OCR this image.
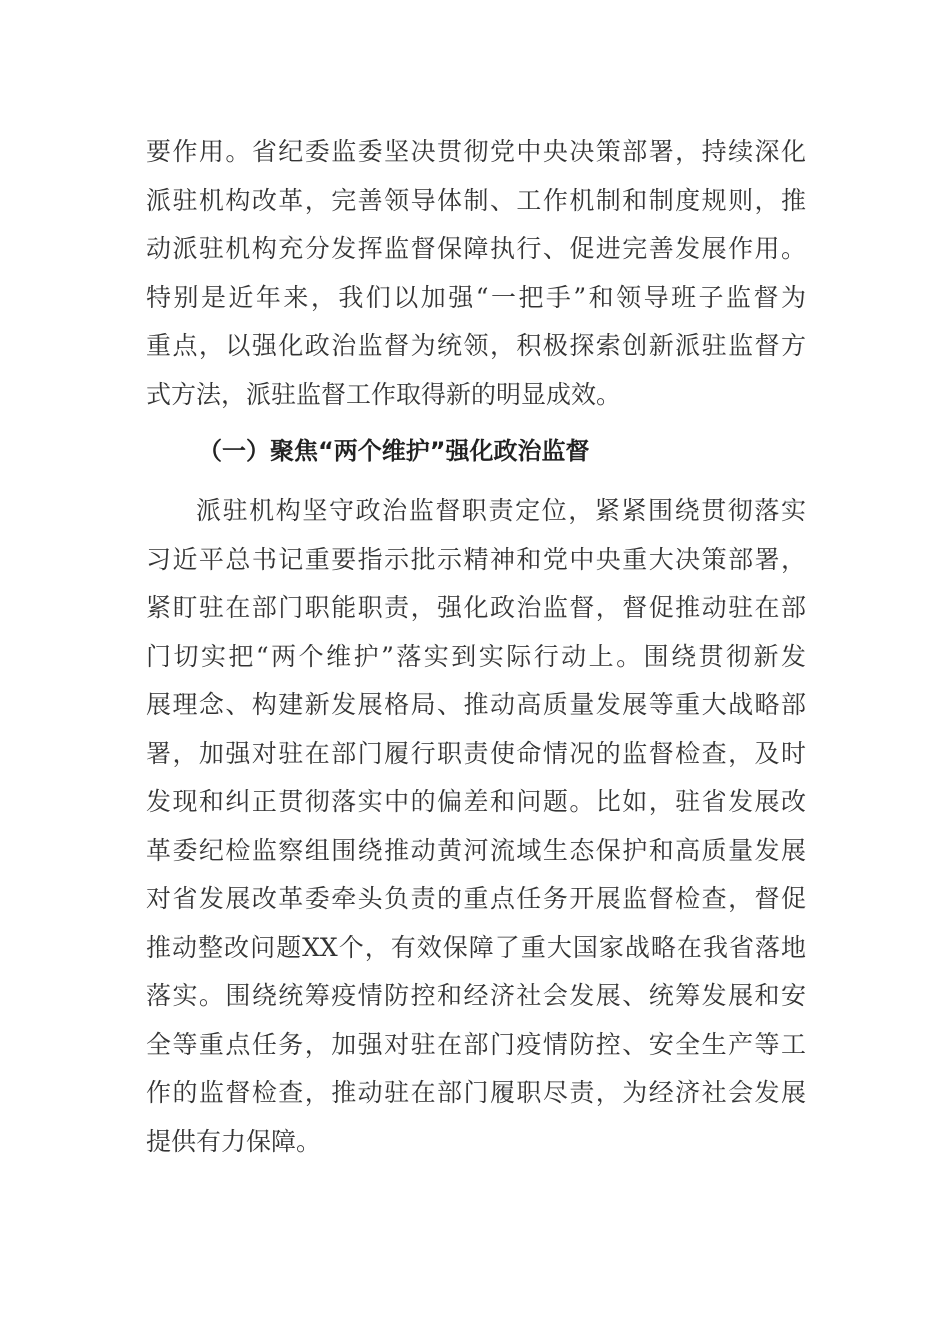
要作用。省纪委监委坚决贯彻党中央决策部署，持续深化
派驻机构改革，完善领导体制、工作机制和制度规则，推
动派驻机构充分发挥监督保障执行、促进完善发展作用。
特别是近年来，我们以加强“一把手”和领导班子监督为
重点，以强化政治监督为统领，积极探索创新派驻监督方
式方法，派驻监督工作取得新的明显成效。
（一）聚焦“两个维护”强化政治监督
派驻机构坚守政治监督职责定位，紧紧围绕贯彻落实
习近平总书记重要指示批示精神和党中央重大决策部署，
紧盯驻在部门职能职责，强化政治监督，督促推动驻在部
门切实把“两个维护”落实到实际行动上。围绕贯彻新发
展理念、构建新发展格局、推动高质量发展等重大战略部
署，加强对驻在部门履行职责使命情况的监督检查，及时
发现和纠正贯彻落实中的偏差和问题。比如，驻省发展改
革委纪检监察组围绕推动黄河流域生态保护和高质量发展
对省发展改革委牵头负责的重点任务开展监督检查，督促
推动整改问题XX个，有效保障了重大国家战略在我省落地
落实。围绕统筹疫情防控和经济社会发展、统筹发展和安
全等重点任务，加强对驻在部门疫情防控、安全生产等工
作的监督检查，推动驻在部门履职尽责，为经济社会发展
提供有力保障。
